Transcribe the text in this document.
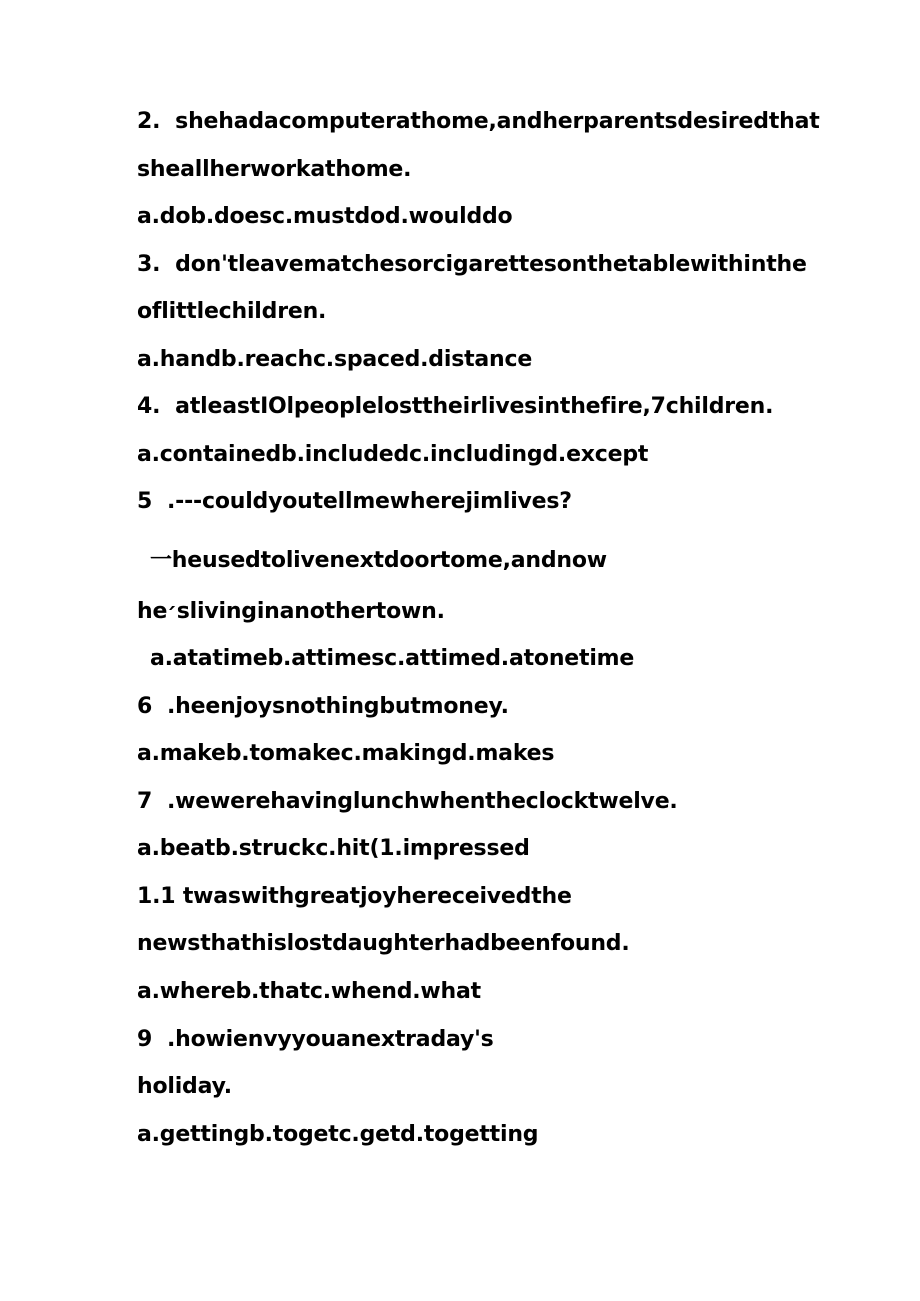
2.  shehadacomputerathome,andherparentsdesiredthat
sheallherworkathome.
a.dob.doesc.mustdod.woulddo
3.  don'tleavematchesorcigarettesonthetablewithinthe
oflittlechildren.
a.handb.reachc.spaced.distance
4.  atleastIOlpeoplelosttheirlivesinthefire,7children.
a.containedb.includedc.includingd.except
5  .---couldyoutellmewherejimlives?
一heusedtolivenextdoortome,andnow
he׳slivinginanothertown.
a.atatimeb.attimesc.attimed.atonetime
6  .heenjoysnothingbutmoney.
a.makeb.tomakec.makingd.makes
7  .wewerehavinglunchwhentheclocktwelve.
a.beatb.struckc.hit(1.impressed
1.1 twaswithgreatjoyhereceivedthe
newsthathislostdaughterhadbeenfound.
a.whereb.thatc.whend.what
9  .howienvyyouanextraday's
holiday.
a.gettingb.togetc.getd.togetting
